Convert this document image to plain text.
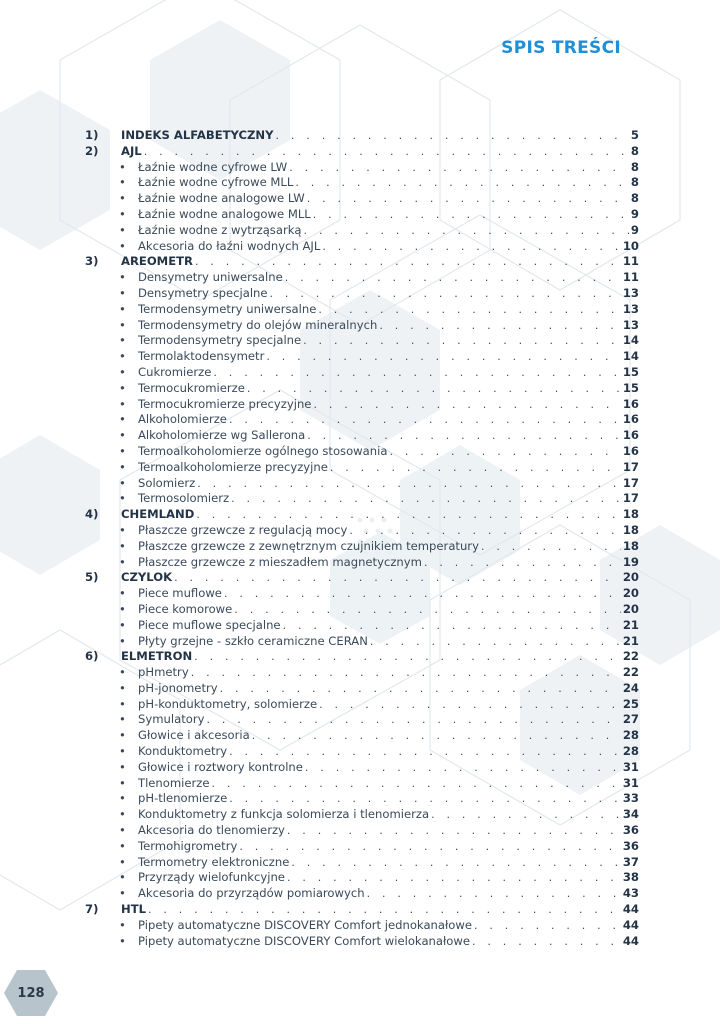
SPIS TREŚCI
1)	INDEKS ALFABETYCZNY . . .	5
2)	AJL . . .	8
•	Łaźnie wodne cyfrowe LW . . .	8
•	Łaźnie wodne cyfrowe MLL . . .	8
•	Łaźnie wodne analogowe LW . . .	8
•	Łaźnie wodne analogowe MLL . . .	9
•	Łaźnie wodne z wytrząsarką . . .	9
•	Akcesoria do łaźni wodnych AJL . . .	10
3)	AREOMETR . . .	11
•	Densymetry uniwersalne . . .	11
•	Densymetry specjalne . . .	13
•	Termodensymetry uniwersalne . . .	13
•	Termodensymetry do olejów mineralnych . . .	13
•	Termodensymetry specjalne . . .	14
•	Termolaktodensymetr . . .	14
•	Cukromierze . . .	15
•	Termocukromierze . . .	15
•	Termocukromierze precyzyjne . . .	16
•	Alkoholomierze . . .	16
•	Alkoholomierze wg Sallerona . . .	16
•	Termoalkoholomierze ogólnego stosowania . . .	16
•	Termoalkoholomierze precyzyjne . . .	17
•	Solomierz . . .	17
•	Termosolomierz . . .	17
4)	CHEMLAND . . .	18
•	Płaszcze grzewcze z regulacją mocy . . .	18
•	Płaszcze grzewcze z zewnętrznym czujnikiem temperatury . . .	18
•	Płaszcze grzewcze z mieszadłem magnetycznym . . .	19
5)	CZYLOK . . .	20
•	Piece muflowe . . .	20
•	Piece komorowe . . .	20
•	Piece muflowe specjalne . . .	21
•	Płyty grzejne - szkło ceramiczne CERAN . . .	21
6)	ELMETRON . . .	22
•	pHmetry . . .	22
•	pH-jonometry . . .	24
•	pH-konduktometry, solomierze . . .	25
•	Symulatory . . .	27
•	Głowice i akcesoria . . .	28
•	Konduktometry . . .	28
•	Głowice i roztwory kontrolne . . .	31
•	Tlenomierze . . .	31
•	pH-tlenomierze . . .	33
•	Konduktometry z funkcja solomierza i tlenomierza . . .	34
•	Akcesoria do tlenomierzy . . .	36
•	Termohigrometry . . .	36
•	Termometry elektroniczne . . .	37
•	Przyrządy wielofunkcyjne . . .	38
•	Akcesoria do przyrządów pomiarowych . . .	43
7)	HTL . . .	44
•	Pipety automatyczne DISCOVERY Comfort jednokanałowe . . .	44
•	Pipety automatyczne DISCOVERY Comfort wielokanałowe . . .	44
128
